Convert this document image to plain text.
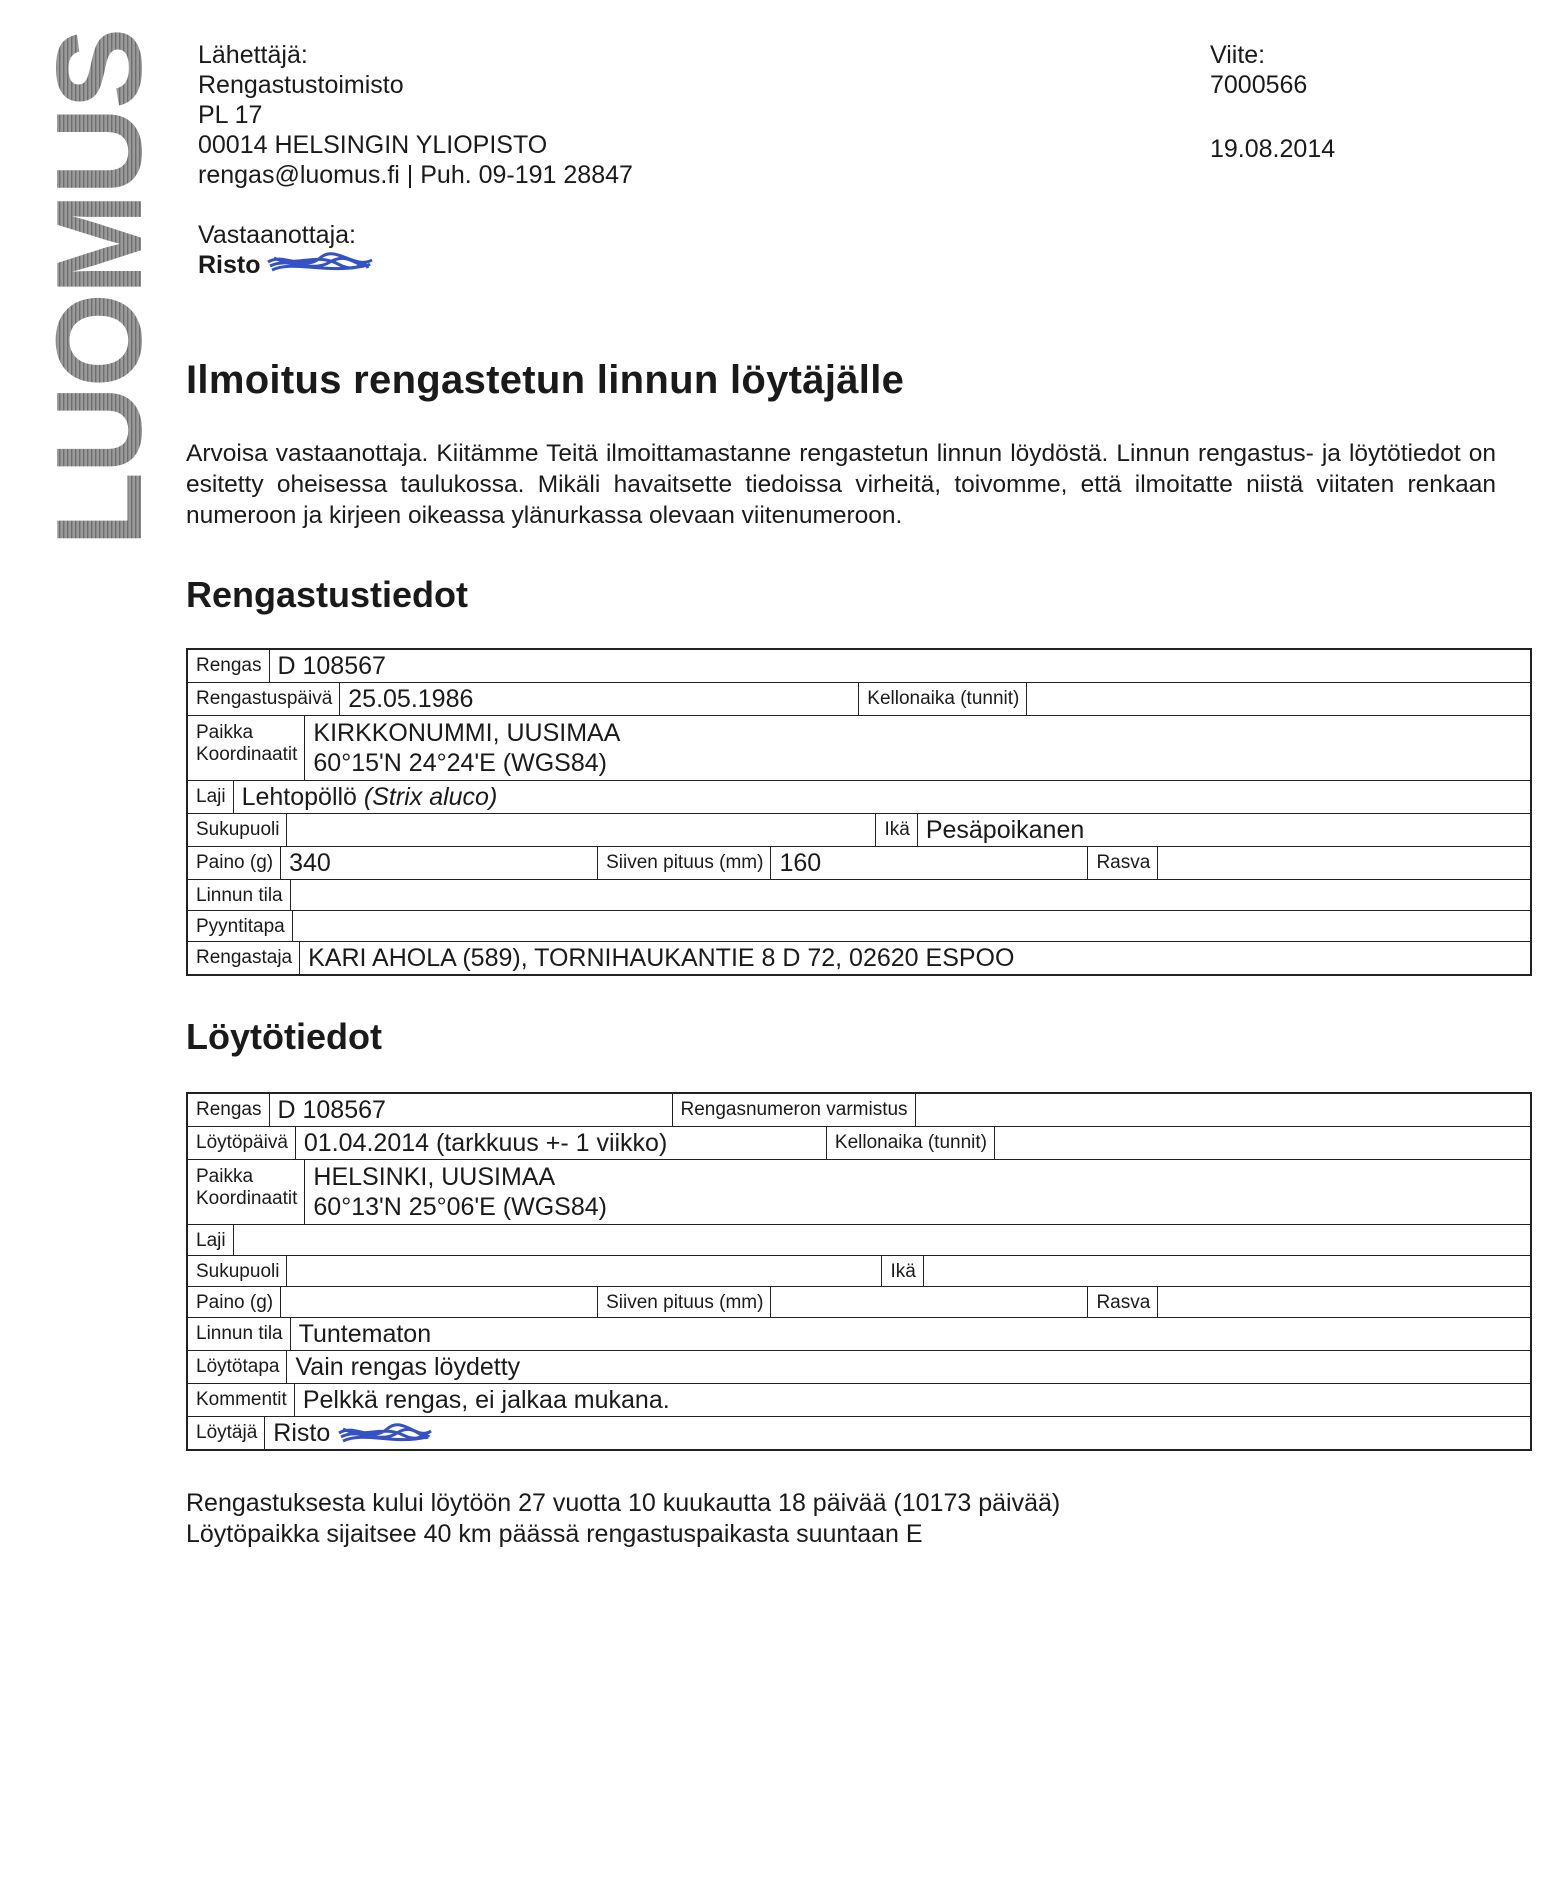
LUOMUS Lähettäjä:
Rengastustoimisto
PL 17
00014 HELSINGIN YLIOPISTO
rengas@luomus.fi | Puh. 09-191 28847
Viite:
7000566
19.08.2014
Vastaanottaja:
Risto
Ilmoitus rengastetun linnun löytäjälle

Arvoisa vastaanottaja. Kiitämme Teitä ilmoittamastanne rengastetun linnun löydöstä. Linnun rengastus- ja löytötiedot on esitetty oheisessa taulukossa. Mikäli havaitsette tiedoissa virheitä, toivomme, että ilmoitatte niistä viitaten renkaan numeroon ja kirjeen oikeassa ylänurkassa olevaan viitenumeroon.

Rengastustiedot
Rengas D 108567

Rengastuspäivä 25.05.1986	Kellonaika (tunnit)

Paikka
Koordinaatit
KIRKKONUMMI, UUSIMAA
60°15'N 24°24'E (WGS84)

Laji Lehtopöllö (Strix aluco)

Sukupuoli	Ikä Pesäpoikanen

Paino (g) 340	Siiven pituus (mm) 160	Rasva

Linnun tila

Pyyntitapa

Rengastaja KARI AHOLA (589), TORNIHAUKANTIE 8 D 72, 02620 ESPOO
Löytötiedot
Rengas D 108567	Rengasnumeron varmistus

Löytöpäivä 01.04.2014 (tarkkuus +- 1 viikko)	Kellonaika (tunnit)

Paikka
Koordinaatit
HELSINKI, UUSIMAA
60°13'N 25°06'E (WGS84)

Laji

Sukupuoli	Ikä

Paino (g)	Siiven pituus (mm)	Rasva

Linnun tila Tuntematon

Löytötapa Vain rengas löydetty

Kommentit Pelkkä rengas, ei jalkaa mukana.

Löytäjä Risto
Rengastuksesta kului löytöön 27 vuotta 10 kuukautta 18 päivää (10173 päivää)
Löytöpaikka sijaitsee 40 km päässä rengastuspaikasta suuntaan E
